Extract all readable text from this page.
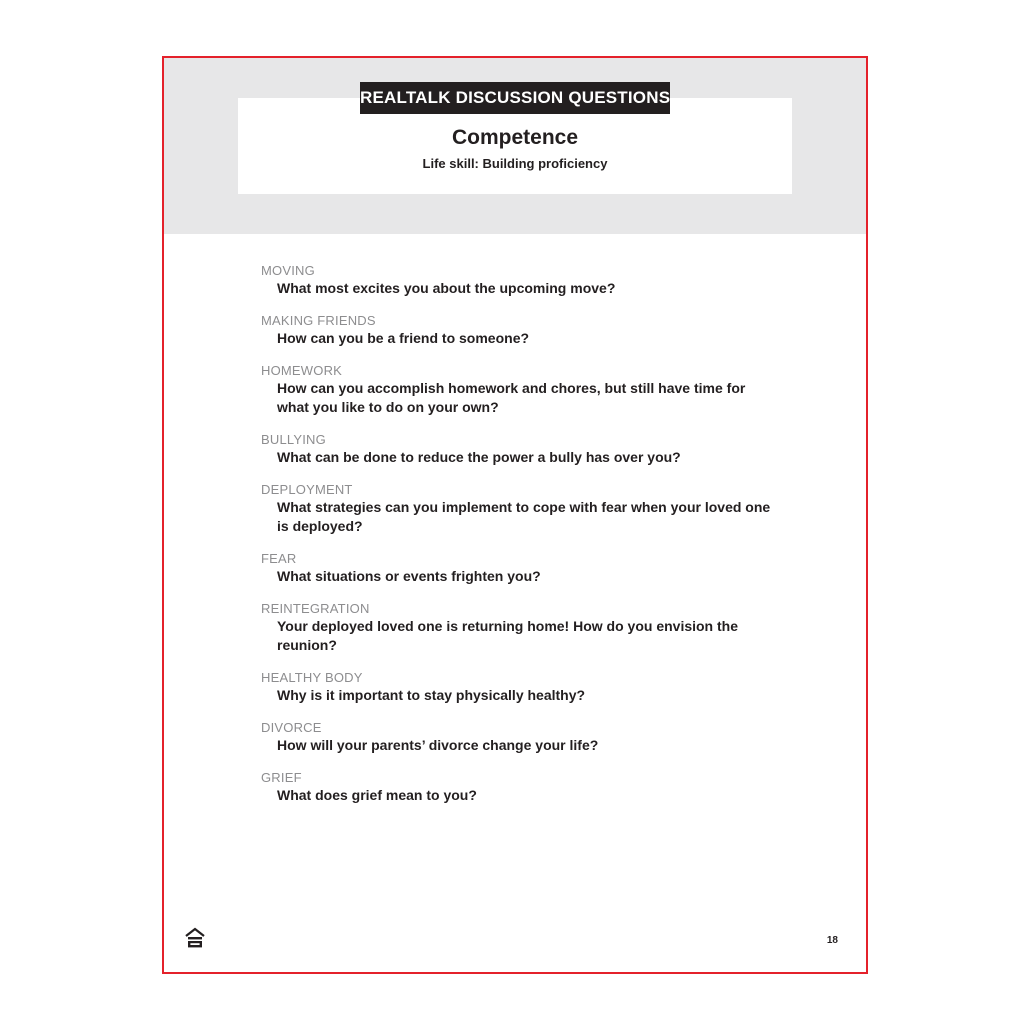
REALTALK DISCUSSION QUESTIONS
Competence
Life skill: Building proficiency
MOVING
What most excites you about the upcoming move?
MAKING FRIENDS
How can you be a friend to someone?
HOMEWORK
How can you accomplish homework and chores, but still have time for what you like to do on your own?
BULLYING
What can be done to reduce the power a bully has over you?
DEPLOYMENT
What strategies can you implement to cope with fear when your loved one is deployed?
FEAR
What situations or events frighten you?
REINTEGRATION
Your deployed loved one is returning home! How do you envision the reunion?
HEALTHY BODY
Why is it important to stay physically healthy?
DIVORCE
How will your parents’ divorce change your life?
GRIEF
What does grief mean to you?
18
